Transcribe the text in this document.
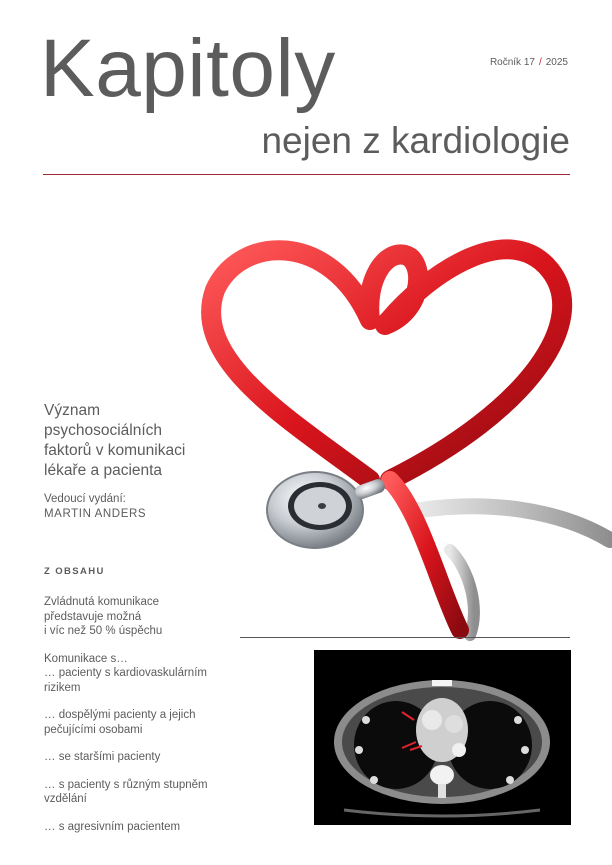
Kapitoly	Ročník 17 / 2025
nejen z kardiologie
Význam
psychosociálních
faktorů v komunikaci
lékaře a pacienta
Vedoucí vydání:
MARTIN ANDERS
Z OBSAHU
Zvládnutá komunikace
představuje možná
i víc než 50 % úspěchu
Komunikace s…
… pacienty s kardiovaskulárním
rizikem
… dospělými pacienty a jejich
pečujícími osobami
… se staršími pacienty
… s pacienty s různým stupněm
vzdělání
… s agresivním pacientem
